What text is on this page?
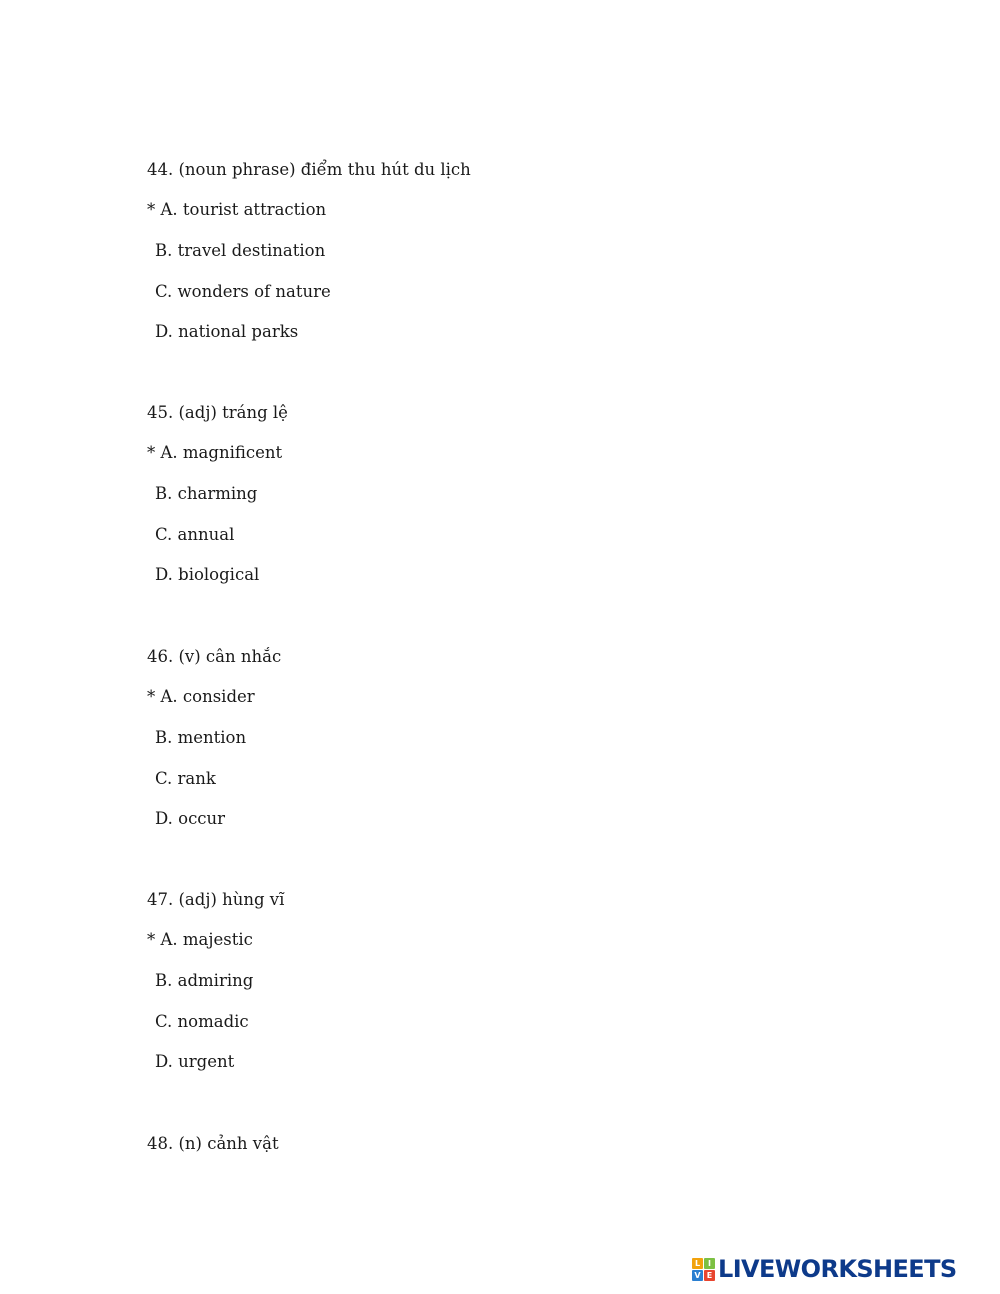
44. (noun phrase) điểm thu hút du lịch
* A. tourist attraction
B. travel destination
C. wonders of nature
D. national parks
45. (adj) tráng lệ
* A. magnificent
B. charming
C. annual
D. biological
46. (v) cân nhắc
* A. consider
B. mention
C. rank
D. occur
47. (adj) hùng vĩ
* A. majestic
B. admiring
C. nomadic
D. urgent
48. (n) cảnh vật
L I
V E LIVEWORKSHEETS
